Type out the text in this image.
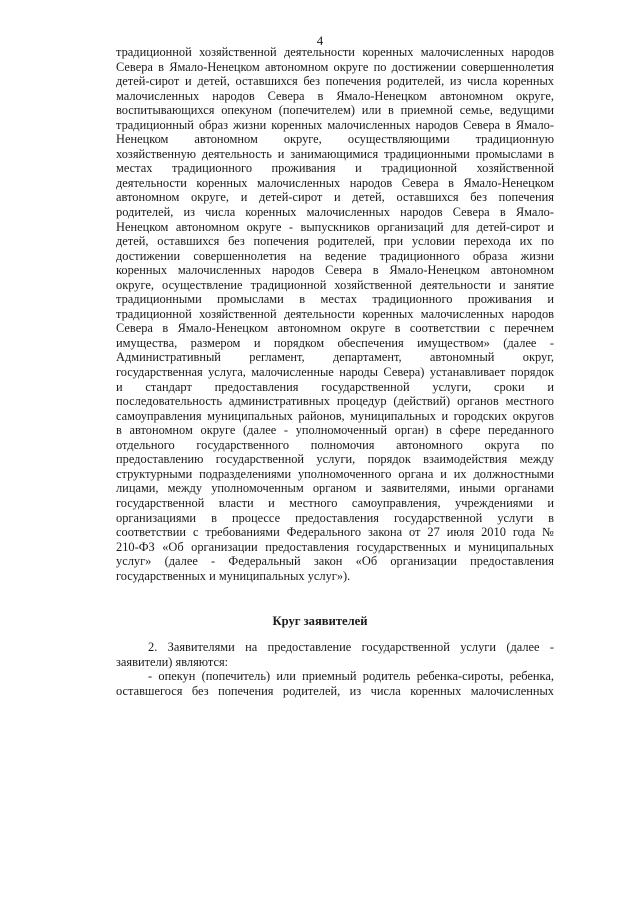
4
традиционной хозяйственной деятельности коренных малочисленных народов
Севера в Ямало-Ненецком автономном округе по достижении совершеннолетия
детей-сирот и детей, оставшихся без попечения родителей, из числа коренных
малочисленных народов Севера в Ямало-Ненецком автономном округе,
воспитывающихся опекуном (попечителем) или в приемной семье, ведущими
традиционный образ жизни коренных малочисленных народов Севера в Ямало-
Ненецком автономном округе, осуществляющими традиционную
хозяйственную деятельность и занимающимися традиционными промыслами в
местах традиционного проживания и традиционной хозяйственной
деятельности коренных малочисленных народов Севера в Ямало-Ненецком
автономном округе, и детей-сирот и детей, оставшихся без попечения
родителей, из числа коренных малочисленных народов Севера в Ямало-
Ненецком автономном округе - выпускников организаций для детей-сирот и
детей, оставшихся без попечения родителей, при условии перехода их по
достижении совершеннолетия на ведение традиционного образа жизни
коренных малочисленных народов Севера в Ямало-Ненецком автономном
округе, осуществление традиционной хозяйственной деятельности и занятие
традиционными промыслами в местах традиционного проживания и
традиционной хозяйственной деятельности коренных малочисленных народов
Севера в Ямало-Ненецком автономном округе в соответствии с перечнем
имущества, размером и порядком обеспечения имуществом» (далее -
Административный регламент, департамент, автономный округ,
государственная услуга, малочисленные народы Севера) устанавливает порядок
и стандарт предоставления государственной услуги, сроки и
последовательность административных процедур (действий) органов местного
самоуправления муниципальных районов, муниципальных и городских округов
в автономном округе (далее - уполномоченный орган) в сфере переданного
отдельного государственного полномочия автономного округа по
предоставлению государственной услуги, порядок взаимодействия между
структурными подразделениями уполномоченного органа и их должностными
лицами, между уполномоченным органом и заявителями, иными органами
государственной власти и местного самоуправления, учреждениями и
организациями в процессе предоставления государственной услуги в
соответствии с требованиями Федерального закона от 27 июля 2010 года №
210-ФЗ «Об организации предоставления государственных и муниципальных
услуг» (далее - Федеральный закон «Об организации предоставления
государственных и муниципальных услуг»).
Круг заявителей
2. Заявителями на предоставление государственной услуги (далее -
заявители) являются:
- опекун (попечитель) или приемный родитель ребенка-сироты, ребенка,
оставшегося без попечения родителей, из числа коренных малочисленных
